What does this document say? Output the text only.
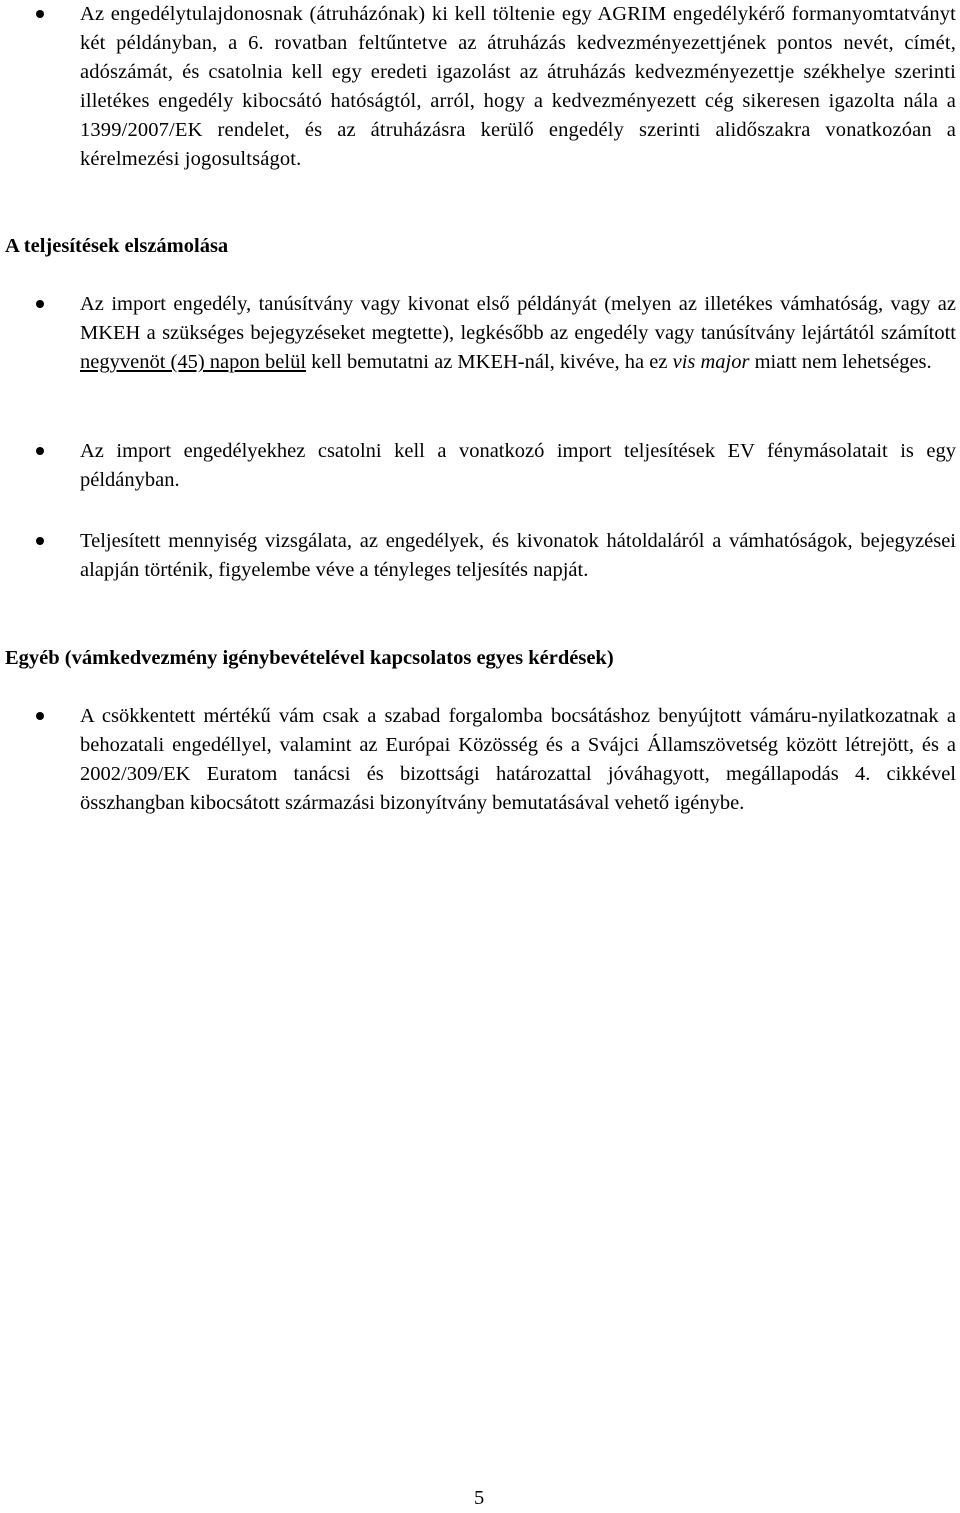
Az engedélytulajdonosnak (átruházónak) ki kell töltenie egy AGRIM engedélykérő formanyomtatványt két példányban, a 6. rovatban feltűntetve az átruházás kedvezményezettjének pontos nevét, címét, adószámát, és csatolnia kell egy eredeti igazolást az átruházás kedvezményezettje székhelye szerinti illetékes engedély kibocsátó hatóságtól, arról, hogy a kedvezményezett cég sikeresen igazolta nála a 1399/2007/EK rendelet, és az átruházásra kerülő engedély szerinti alidőszakra vonatkozóan a kérelmezési jogosultságot.
A teljesítések elszámolása
Az import engedély, tanúsítvány vagy kivonat első példányát (melyen az illetékes vámhatóság, vagy az MKEH a szükséges bejegyzéseket megtette), legkésőbb az engedély vagy tanúsítvány lejártától számított negyvenöt (45) napon belül kell bemutatni az MKEH-nál, kivéve, ha ez vis major miatt nem lehetséges.
Az import engedélyekhez csatolni kell a vonatkozó import teljesítések EV fénymásolatait is egy példányban.
Teljesített mennyiség vizsgálata, az engedélyek, és kivonatok hátoldaláról a vámhatóságok, bejegyzései alapján történik, figyelembe véve a tényleges teljesítés napját.
Egyéb (vámkedvezmény igénybevételével kapcsolatos egyes kérdések)
A csökkentett mértékű vám csak a szabad forgalomba bocsátáshoz benyújtott vámáru-nyilatkozatnak a behozatali engedéllyel, valamint az Európai Közösség és a Svájci Államszövetség között létrejött, és a 2002/309/EK Euratom tanácsi és bizottsági határozattal jóváhagyott, megállapodás 4. cikkével összhangban kibocsátott származási bizonyítvány bemutatásával vehető igénybe.
5
